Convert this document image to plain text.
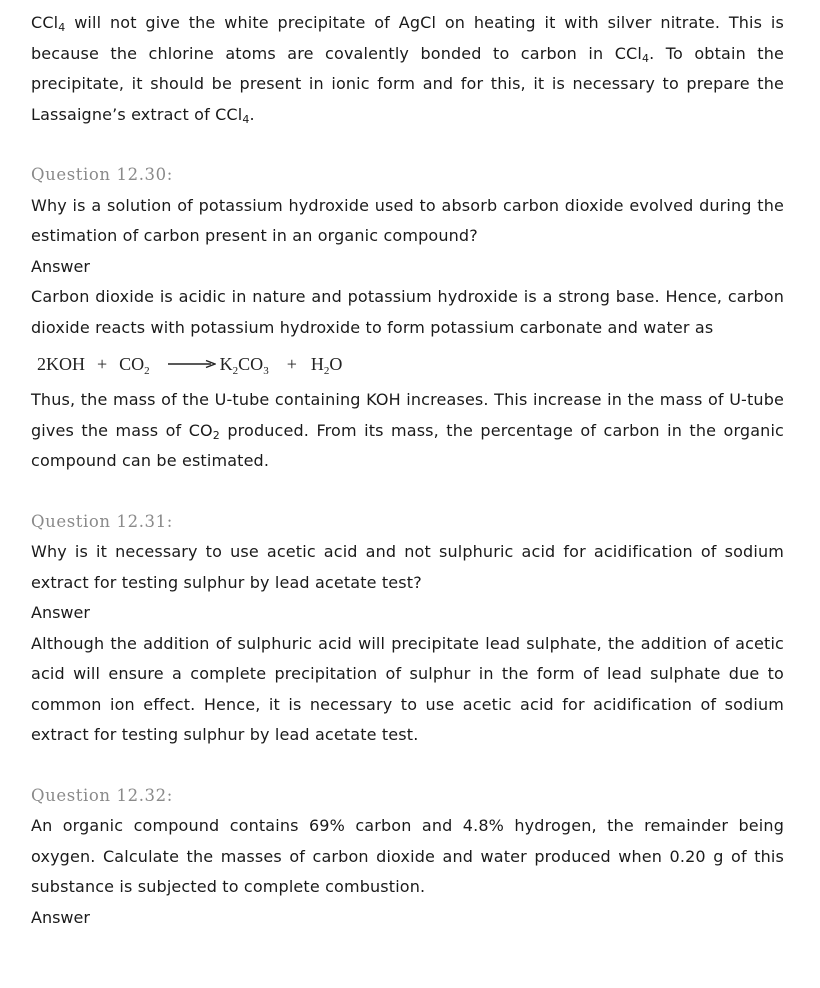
CCl$_4$ will not give the white precipitate of AgCl on heating it with silver nitrate. This is because the chlorine atoms are covalently bonded to carbon in CCl$_4$. To obtain the precipitate, it should be present in ionic form and for this, it is necessary to prepare the Lassaigne’s extract of CCl$_4$.

Question 12.30:

Why is a solution of potassium hydroxide used to absorb carbon dioxide evolved during the estimation of carbon present in an organic compound?

Answer

Carbon dioxide is acidic in nature and potassium hydroxide is a strong base. Hence, carbon dioxide reacts with potassium hydroxide to form potassium carbonate and water as

$2KOH + CO_2 \to K_2CO_3 + H_2O$

Thus, the mass of the U-tube containing KOH increases. This increase in the mass of U-tube gives the mass of $CO_2$ produced. From its mass, the percentage of carbon in the organic compound can be estimated.

Question 12.31:

Why is it necessary to use acetic acid and not sulphuric acid for acidification of sodium extract for testing sulphur by lead acetate test?

Answer

Although the addition of sulphuric acid will precipitate lead sulphate, the addition of acetic acid will ensure a complete precipitation of sulphur in the form of lead sulphate due to common ion effect. Hence, it is necessary to use acetic acid for acidification of sodium extract for testing sulphur by lead acetate test.

Question 12.32:

An organic compound contains 69% carbon and 4.8% hydrogen, the remainder being oxygen. Calculate the masses of carbon dioxide and water produced when 0.20 g of this substance is subjected to complete combustion.

Answer
